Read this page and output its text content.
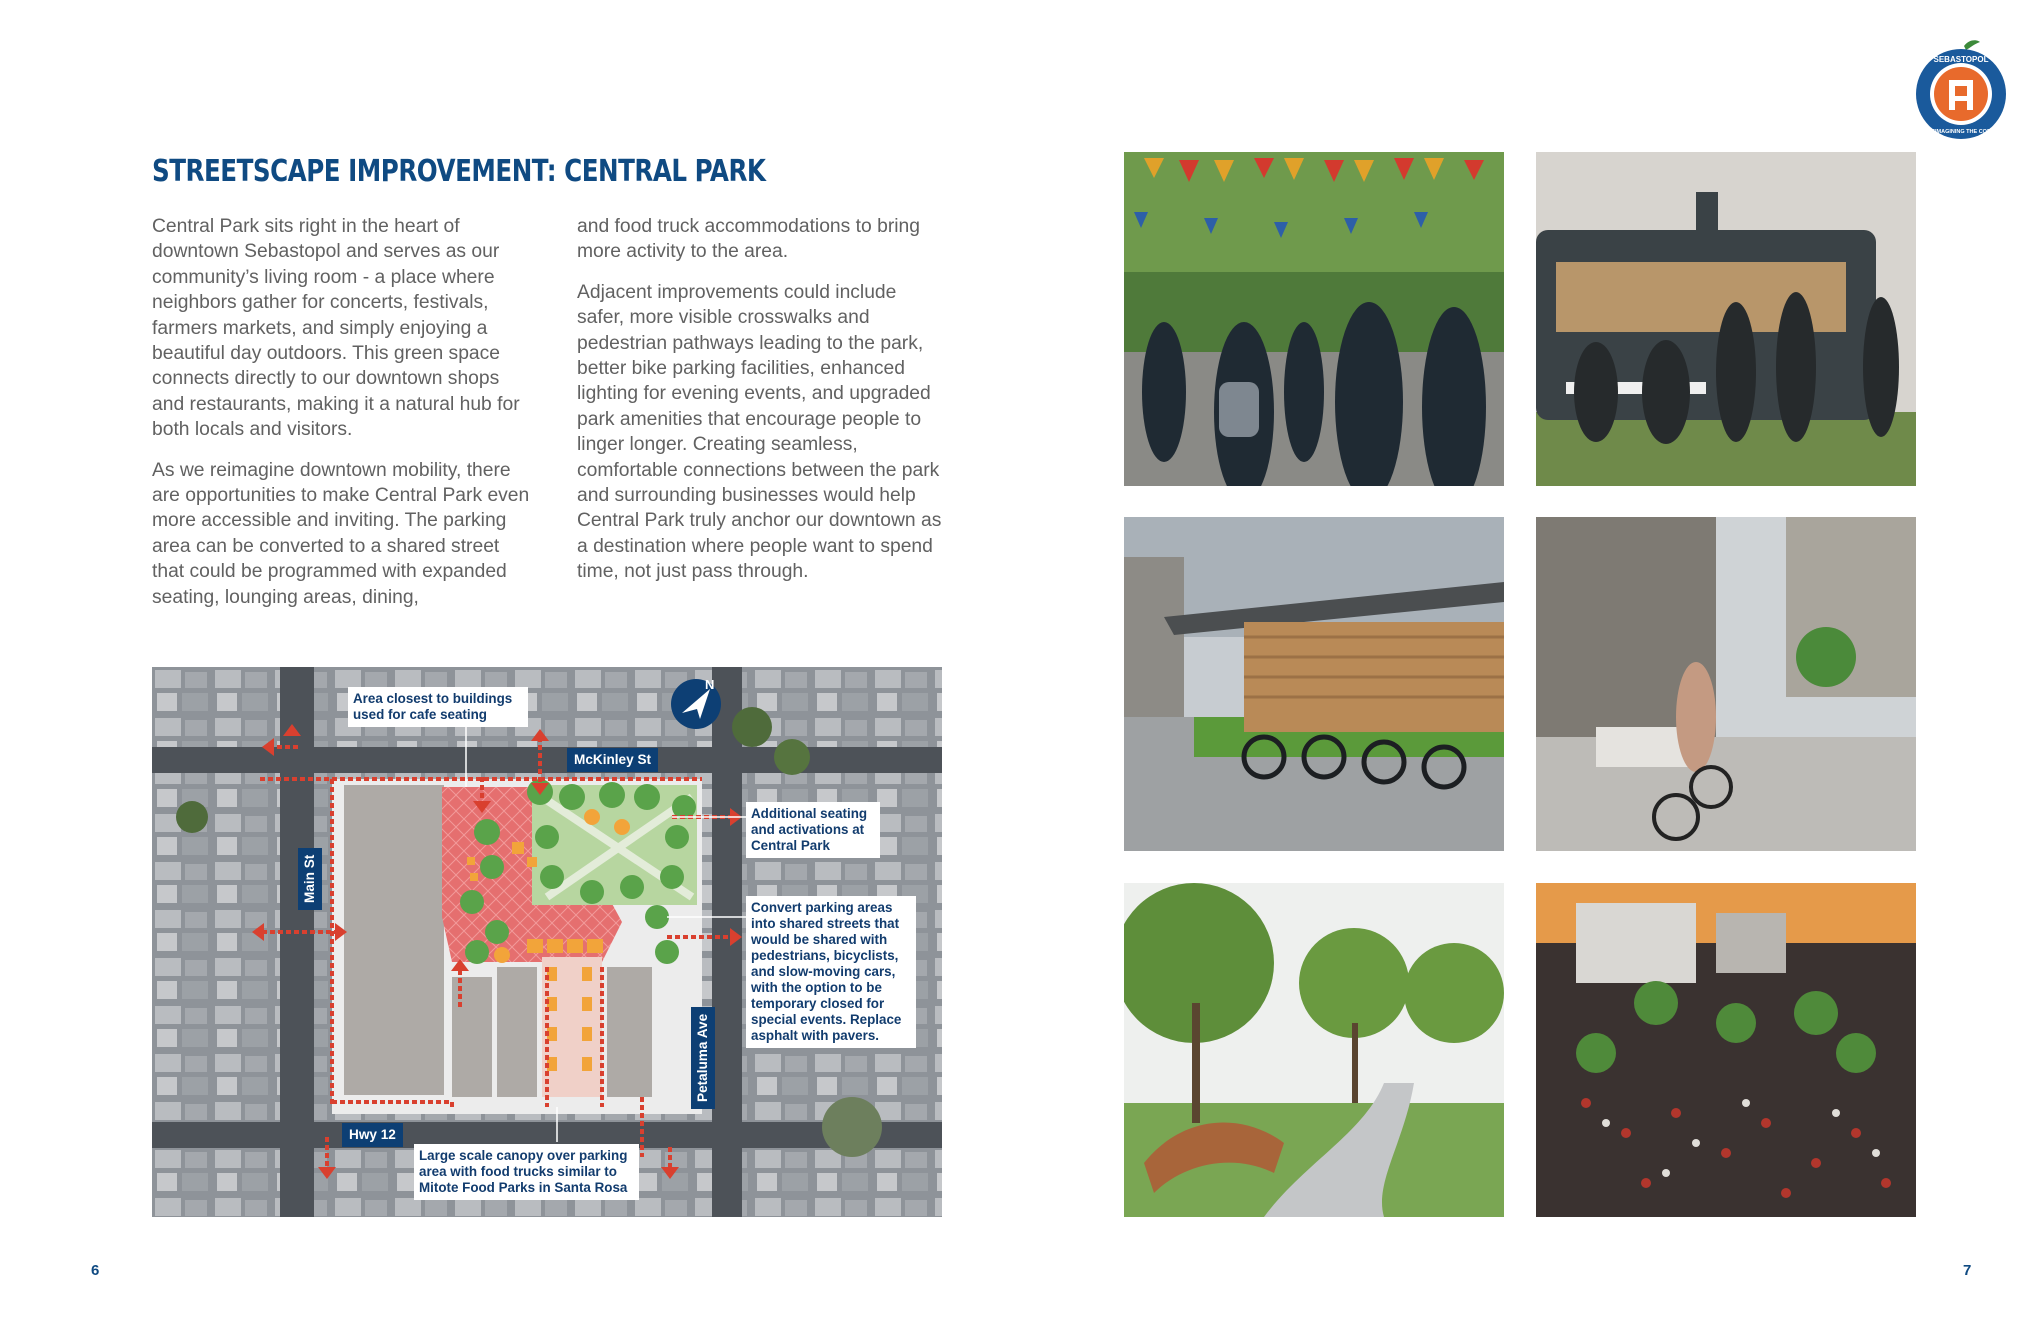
SEBASTOPOL
REIMAGINING THE CORE
STREETSCAPE IMPROVEMENT: CENTRAL PARK

Central Park sits right in the heart of downtown Sebastopol and serves as our community’s living room - a place where neighbors gather for concerts, festivals, farmers markets, and simply enjoying a beautiful day outdoors. This green space connects directly to our downtown shops and restaurants, making it a natural hub for both locals and visitors.

As we reimagine downtown mobility, there are opportunities to make Central Park even more accessible and inviting. The parking area can be converted to a shared street that could be programmed with expanded seating, lounging areas, dining,

and food truck accommodations to bring more activity to the area.

Adjacent improvements could include safer, more visible crosswalks and pedestrian pathways leading to the park, better bike parking facilities, enhanced lighting for evening events, and upgraded park amenities that encourage people to linger longer. Creating seamless, comfortable connections between the park and surrounding businesses would help Central Park truly anchor our downtown as a destination where people want to spend time, not just pass through.

N
Area closest to buildings used for cafe seating
Additional seating and activations at Central Park
Convert parking areas into shared streets that would be shared with pedestrians, bicyclists, and slow-moving cars, with the option to be temporary closed for special events. Replace asphalt with pavers.
Large scale canopy over parking area with food trucks similar to Mitote Food Parks in Santa Rosa
McKinley St
Hwy 12
Main St
Petaluma Ave
6	7
